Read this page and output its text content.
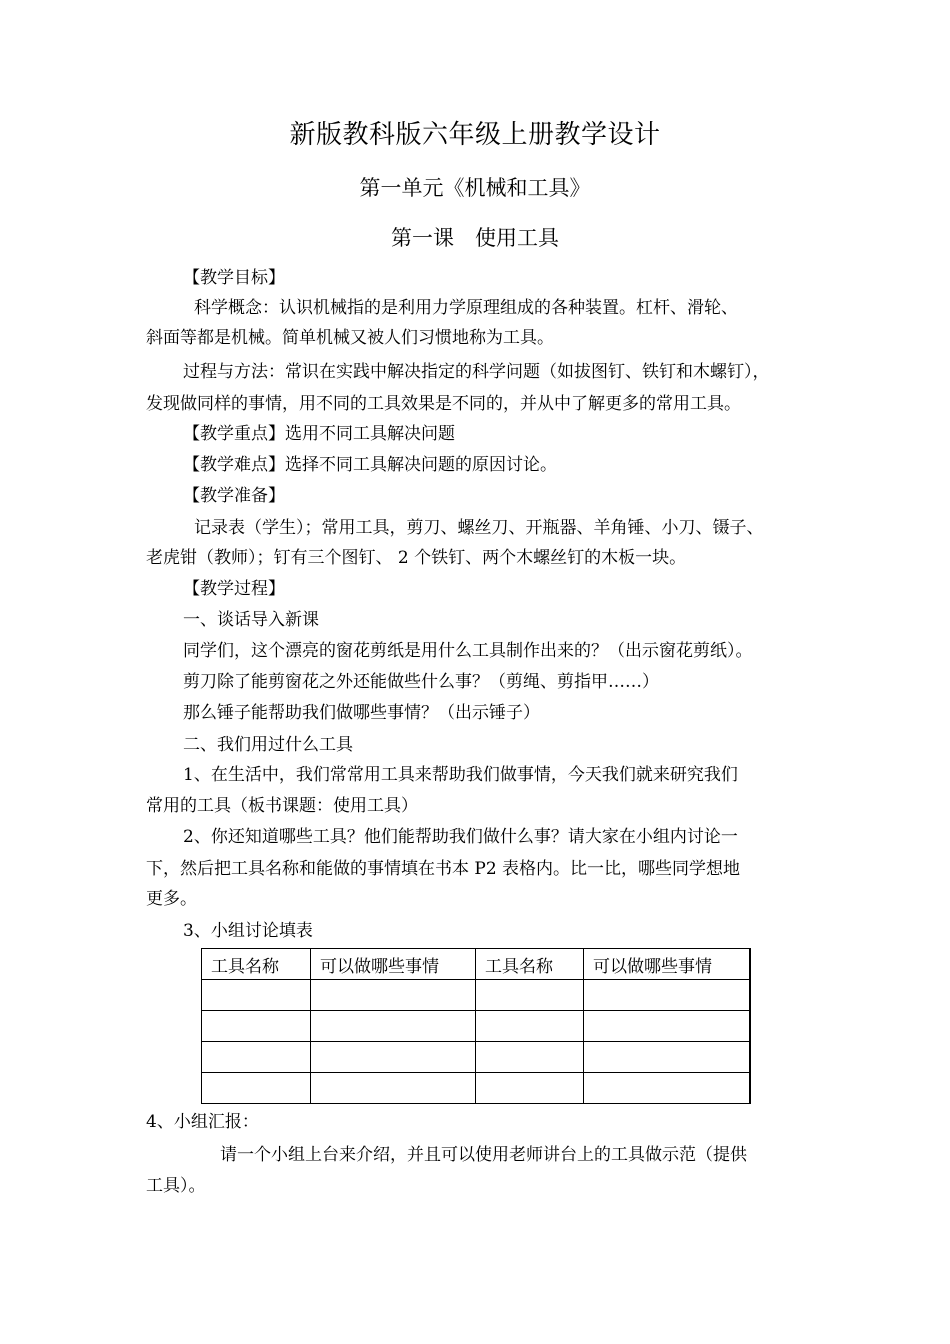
新版教科版六年级上册教学设计
第一单元《机械和工具》
第一课　使用工具
【教学目标】
科学概念：认识机械指的是利用力学原理组成的各种装置。杠杆、滑轮、
斜面等都是机械。简单机械又被人们习惯地称为工具。
过程与方法：常识在实践中解决指定的科学问题（如拔图钉、铁钉和木螺钉），
发现做同样的事情，用不同的工具效果是不同的，并从中了解更多的常用工具。
【教学重点】选用不同工具解决问题
【教学难点】选择不同工具解决问题的原因讨论。
【教学准备】
记录表（学生）；常用工具，剪刀、螺丝刀、开瓶器、羊角锤、小刀、镊子、
老虎钳（教师）；钉有三个图钉、 2 个铁钉、两个木螺丝钉的木板一块。
【教学过程】
一、谈话导入新课
同学们，这个漂亮的窗花剪纸是用什么工具制作出来的？（出示窗花剪纸）。
剪刀除了能剪窗花之外还能做些什么事？（剪绳、剪指甲……）
那么锤子能帮助我们做哪些事情？（出示锤子）
二、我们用过什么工具
1、在生活中，我们常常用工具来帮助我们做事情，今天我们就来研究我们
常用的工具（板书课题：使用工具）
2、你还知道哪些工具？他们能帮助我们做什么事？请大家在小组内讨论一
下，然后把工具名称和能做的事情填在书本 P2 表格内。比一比，哪些同学想地
更多。
3、小组讨论填表
工具名称	可以做哪些事情	工具名称	可以做哪些事情

4、小组汇报：
请一个小组上台来介绍，并且可以使用老师讲台上的工具做示范（提供
工具）。
